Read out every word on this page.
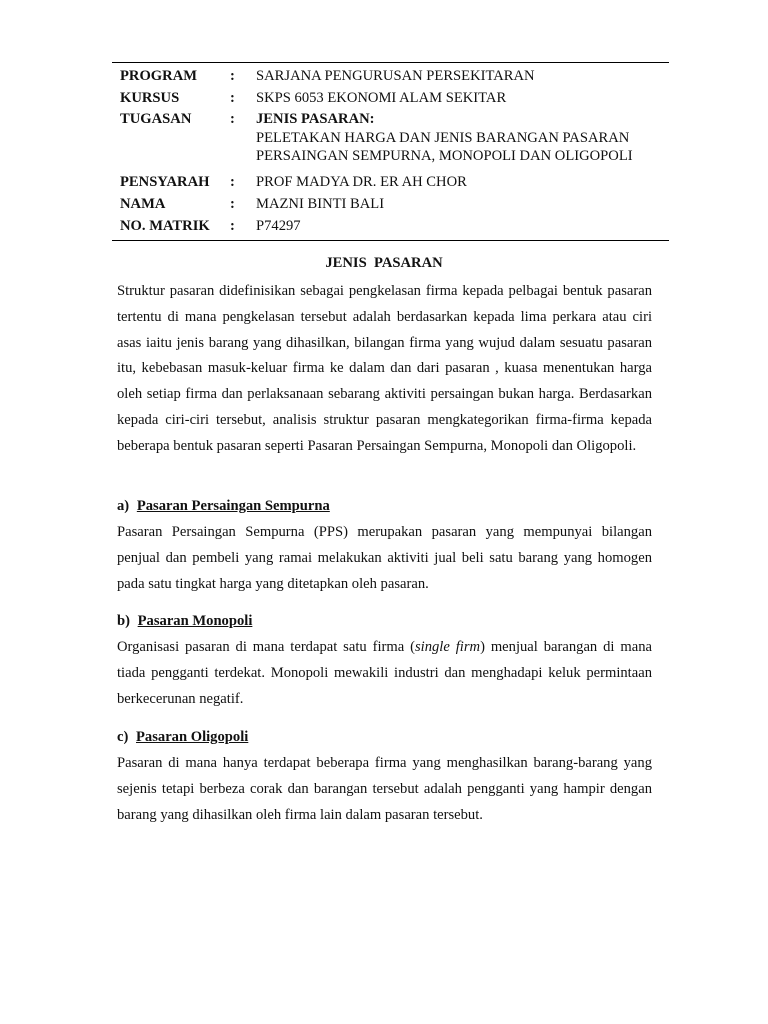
PROGRAM	:	SARJANA PENGURUSAN PERSEKITARAN
KURSUS	:	SKPS 6053 EKONOMI ALAM SEKITAR
TUGASAN	:	JENIS PASARAN:
PELETAKAN HARGA DAN JENIS BARANGAN PASARAN
PERSAINGAN SEMPURNA, MONOPOLI DAN OLIGOPOLI
PENSYARAH	:	PROF MADYA DR. ER AH CHOR
NAMA	:	MAZNI BINTI BALI
NO. MATRIK	:	P74297
JENIS  PASARAN

Struktur pasaran didefinisikan sebagai pengkelasan firma kepada pelbagai bentuk pasaran tertentu di mana pengkelasan tersebut adalah berdasarkan kepada lima perkara atau ciri asas iaitu jenis barang yang dihasilkan, bilangan firma yang wujud dalam sesuatu pasaran itu, kebebasan masuk-keluar firma ke dalam dan dari pasaran , kuasa menentukan harga oleh setiap firma dan perlaksanaan sebarang aktiviti persaingan bukan harga. Berdasarkan kepada ciri-ciri tersebut, analisis struktur pasaran mengkategorikan firma-firma kepada beberapa bentuk pasaran seperti Pasaran Persaingan Sempurna, Monopoli dan Oligopoli.

a) Pasaran Persaingan Sempurna

Pasaran Persaingan Sempurna (PPS) merupakan pasaran yang mempunyai bilangan penjual dan pembeli yang ramai melakukan aktiviti jual beli satu barang yang homogen pada satu tingkat harga yang ditetapkan oleh pasaran.

b) Pasaran Monopoli

Organisasi pasaran di mana terdapat satu firma (single firm) menjual barangan di mana tiada pengganti terdekat. Monopoli mewakili industri dan menghadapi keluk permintaan berkecerunan negatif.

c) Pasaran Oligopoli

Pasaran di mana hanya terdapat beberapa firma yang menghasilkan barang-barang yang sejenis tetapi berbeza corak dan barangan tersebut adalah pengganti yang hampir dengan barang yang dihasilkan oleh firma lain dalam pasaran tersebut.
